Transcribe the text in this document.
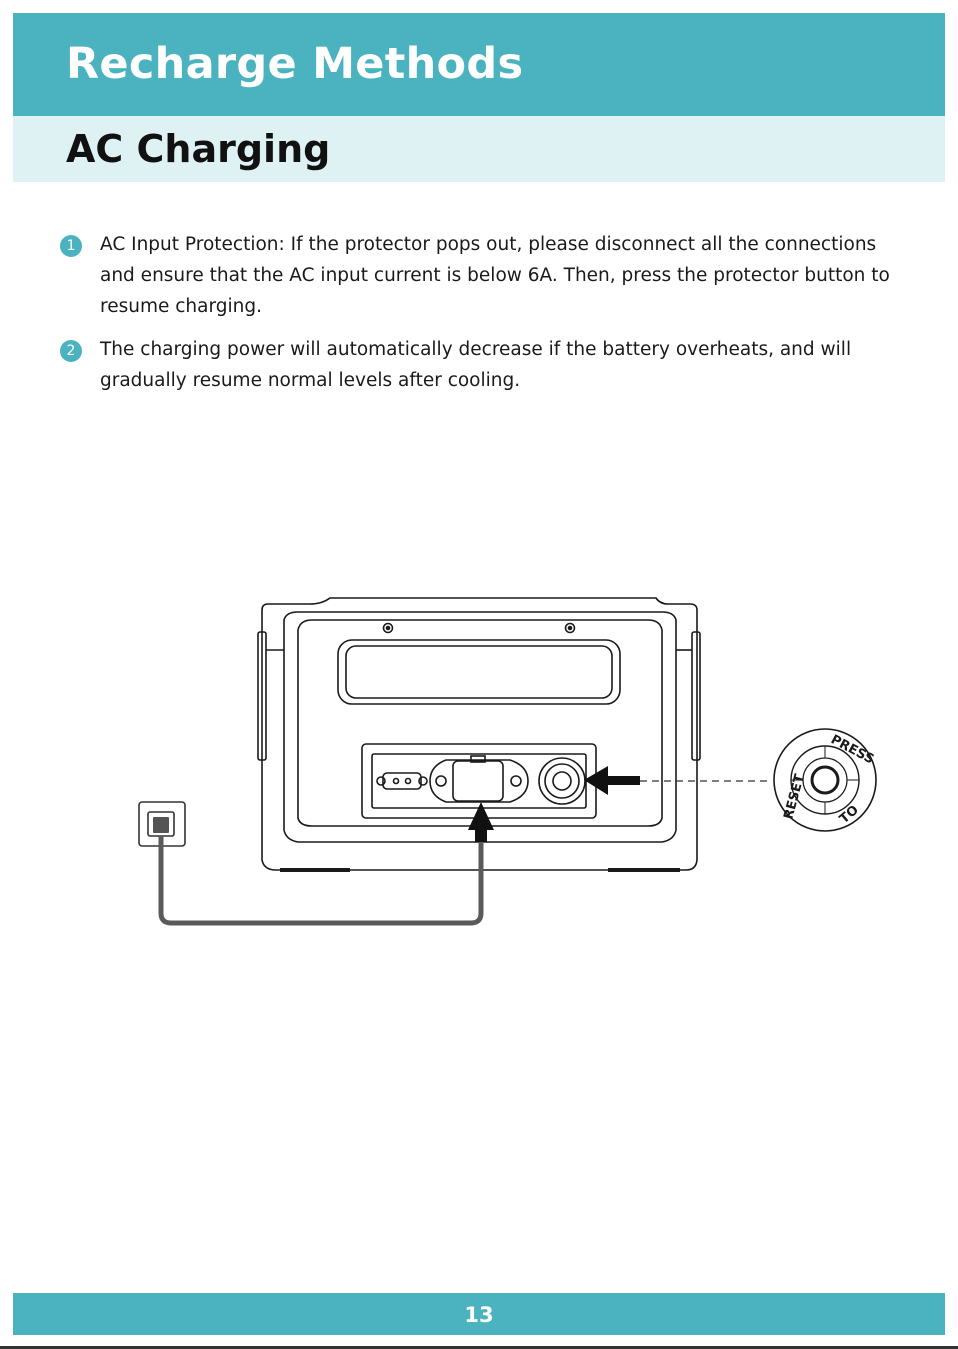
Recharge Methods
AC Charging
1	AC Input Protection: If the protector pops out, please disconnect all the connections and ensure that the AC input current is below 6A. Then, press the protector button to resume charging.
2	The charging power will automatically decrease if the battery overheats, and will gradually resume normal levels after cooling.
PRESS
TO
RESET
13
